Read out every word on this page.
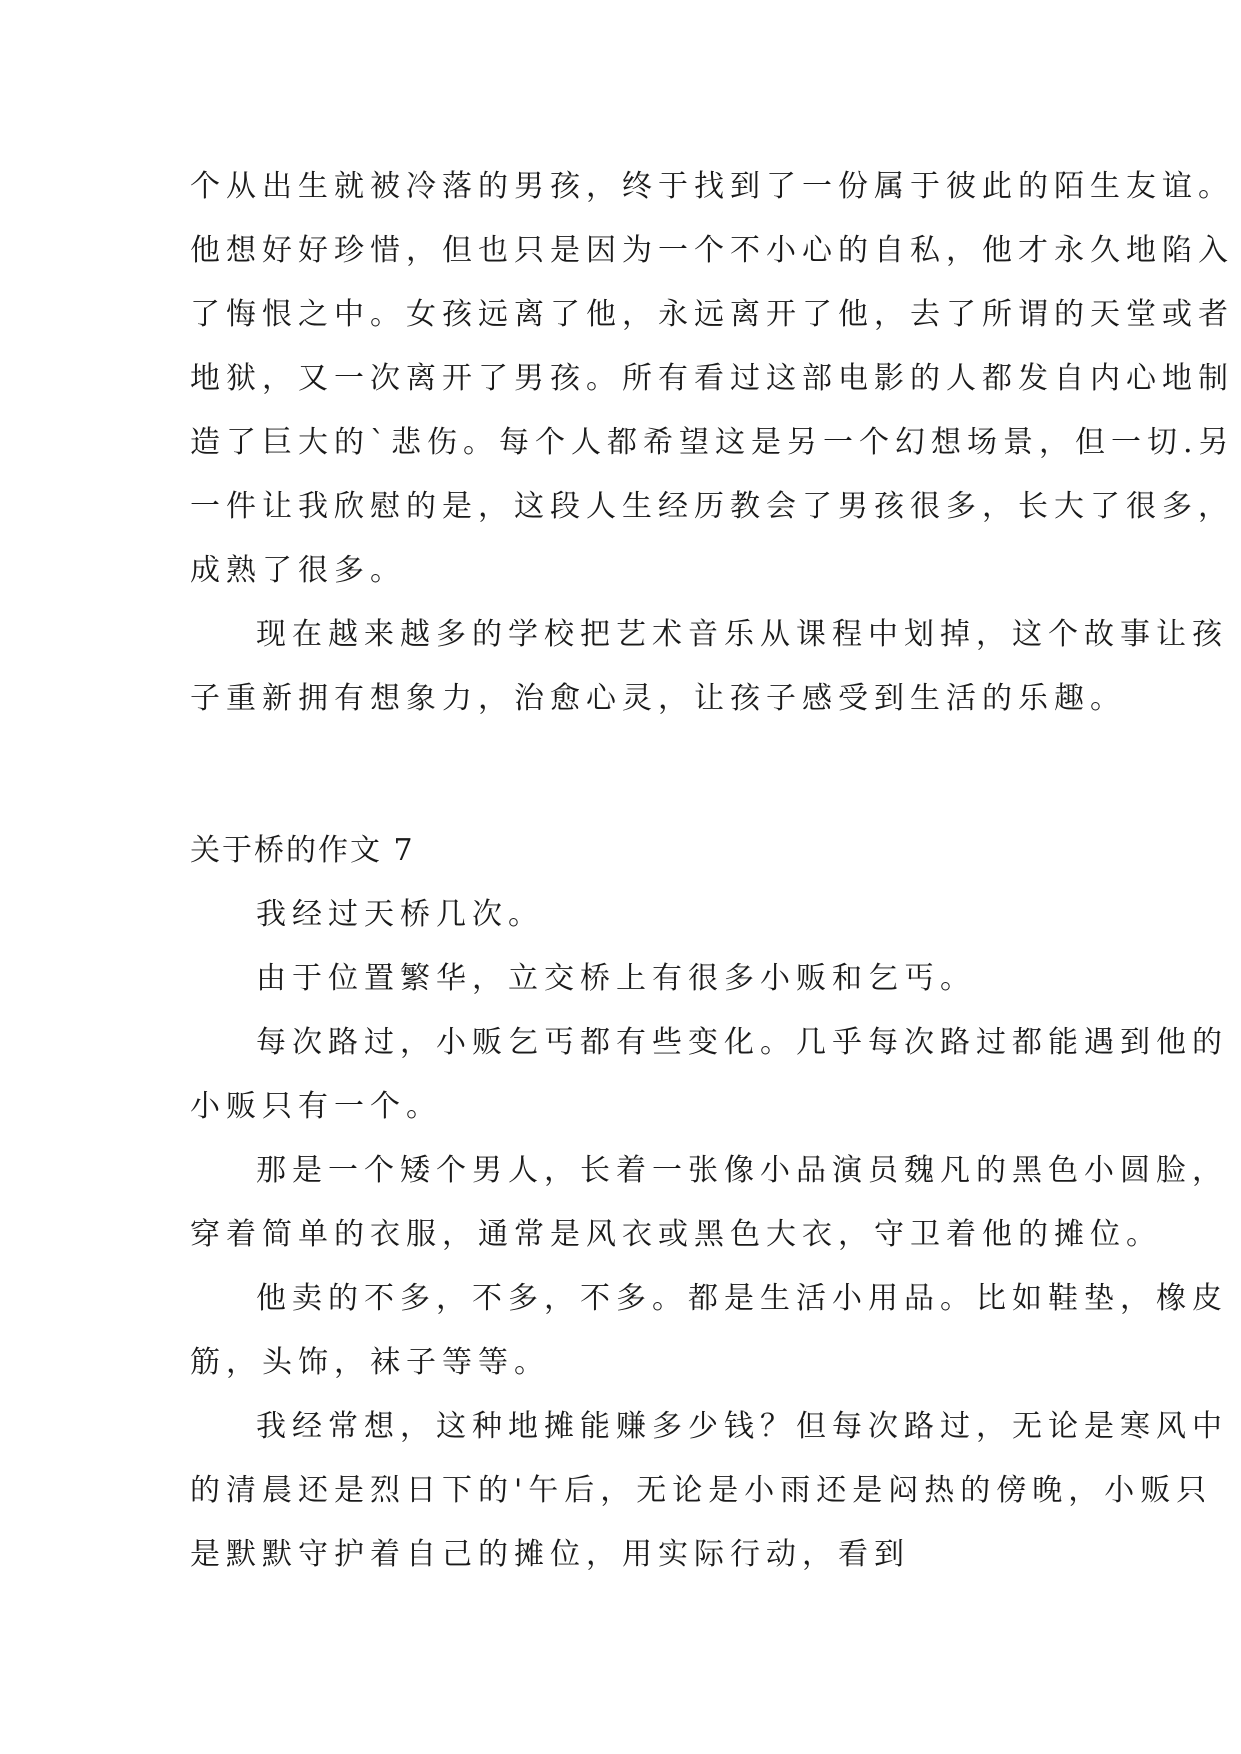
个从出生就被冷落的男孩，终于找到了一份属于彼此的陌生友谊。他想好好珍惜，但也只是因为一个不小心的自私，他才永久地陷入了悔恨之中。女孩远离了他，永远离开了他，去了所谓的天堂或者地狱，又一次离开了男孩。所有看过这部电影的人都发自内心地制造了巨大的`悲伤。每个人都希望这是另一个幻想场景，但一切.另一件让我欣慰的是，这段人生经历教会了男孩很多，长大了很多，成熟了很多。

现在越来越多的学校把艺术音乐从课程中划掉，这个故事让孩子重新拥有想象力，治愈心灵，让孩子感受到生活的乐趣。

关于桥的作文 7

我经过天桥几次。

由于位置繁华，立交桥上有很多小贩和乞丐。

每次路过，小贩乞丐都有些变化。几乎每次路过都能遇到他的小贩只有一个。

那是一个矮个男人，长着一张像小品演员魏凡的黑色小圆脸，穿着简单的衣服，通常是风衣或黑色大衣，守卫着他的摊位。

他卖的不多，不多，不多。都是生活小用品。比如鞋垫，橡皮筋，头饰，袜子等等。

我经常想，这种地摊能赚多少钱？但每次路过，无论是寒风中的清晨还是烈日下的'午后，无论是小雨还是闷热的傍晚，小贩只是默默守护着自己的摊位，用实际行动，看到
